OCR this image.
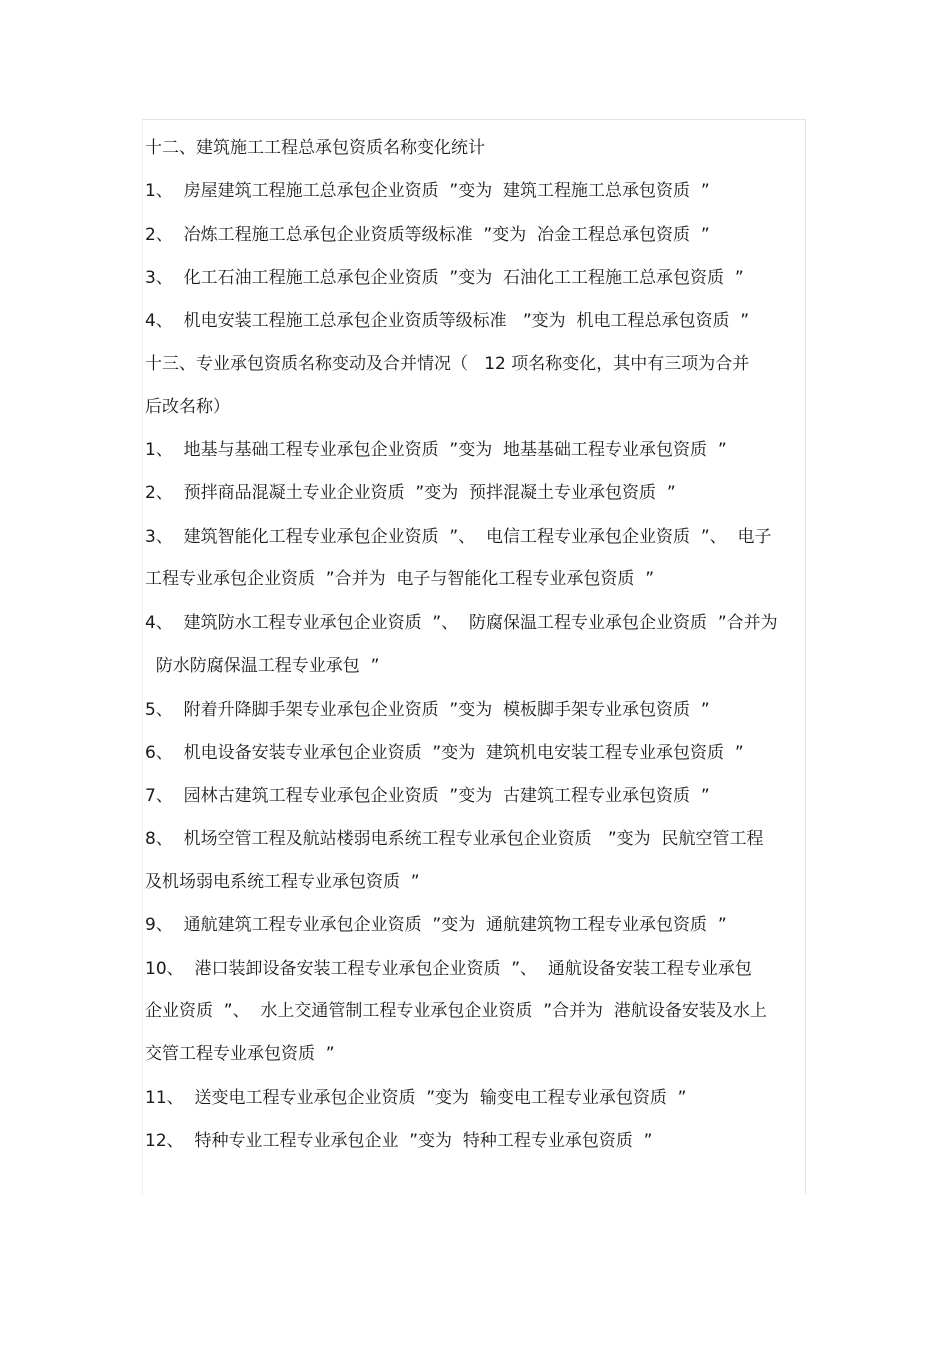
十二、建筑施工工程总承包资质名称变化统计
1、  房屋建筑工程施工总承包企业资质  ”变为  建筑工程施工总承包资质  ”
2、  冶炼工程施工总承包企业资质等级标准  ”变为  冶金工程总承包资质  ”
3、  化工石油工程施工总承包企业资质  ”变为  石油化工工程施工总承包资质  ”
4、  机电安装工程施工总承包企业资质等级标准   ”变为  机电工程总承包资质  ”
十三、专业承包资质名称变动及合并情况（   12 项名称变化，其中有三项为合并
后改名称）
1、  地基与基础工程专业承包企业资质  ”变为  地基基础工程专业承包资质  ”
2、  预拌商品混凝土专业企业资质  ”变为  预拌混凝土专业承包资质  ”
3、  建筑智能化工程专业承包企业资质  ”、  电信工程专业承包企业资质  ”、  电子
工程专业承包企业资质  ”合并为  电子与智能化工程专业承包资质  ”
4、  建筑防水工程专业承包企业资质  ”、  防腐保温工程专业承包企业资质  ”合并为
防水防腐保温工程专业承包  ”
5、  附着升降脚手架专业承包企业资质  ”变为  模板脚手架专业承包资质  ”
6、  机电设备安装专业承包企业资质  ”变为  建筑机电安装工程专业承包资质  ”
7、  园林古建筑工程专业承包企业资质  ”变为  古建筑工程专业承包资质  ”
8、  机场空管工程及航站楼弱电系统工程专业承包企业资质   ”变为  民航空管工程
及机场弱电系统工程专业承包资质  ”
9、  通航建筑工程专业承包企业资质  ”变为  通航建筑物工程专业承包资质  ”
10、  港口装卸设备安装工程专业承包企业资质  ”、  通航设备安装工程专业承包
企业资质  ”、  水上交通管制工程专业承包企业资质  ”合并为  港航设备安装及水上
交管工程专业承包资质  ”
11、  送变电工程专业承包企业资质  ”变为  输变电工程专业承包资质  ”
12、  特种专业工程专业承包企业  ”变为  特种工程专业承包资质  ”
